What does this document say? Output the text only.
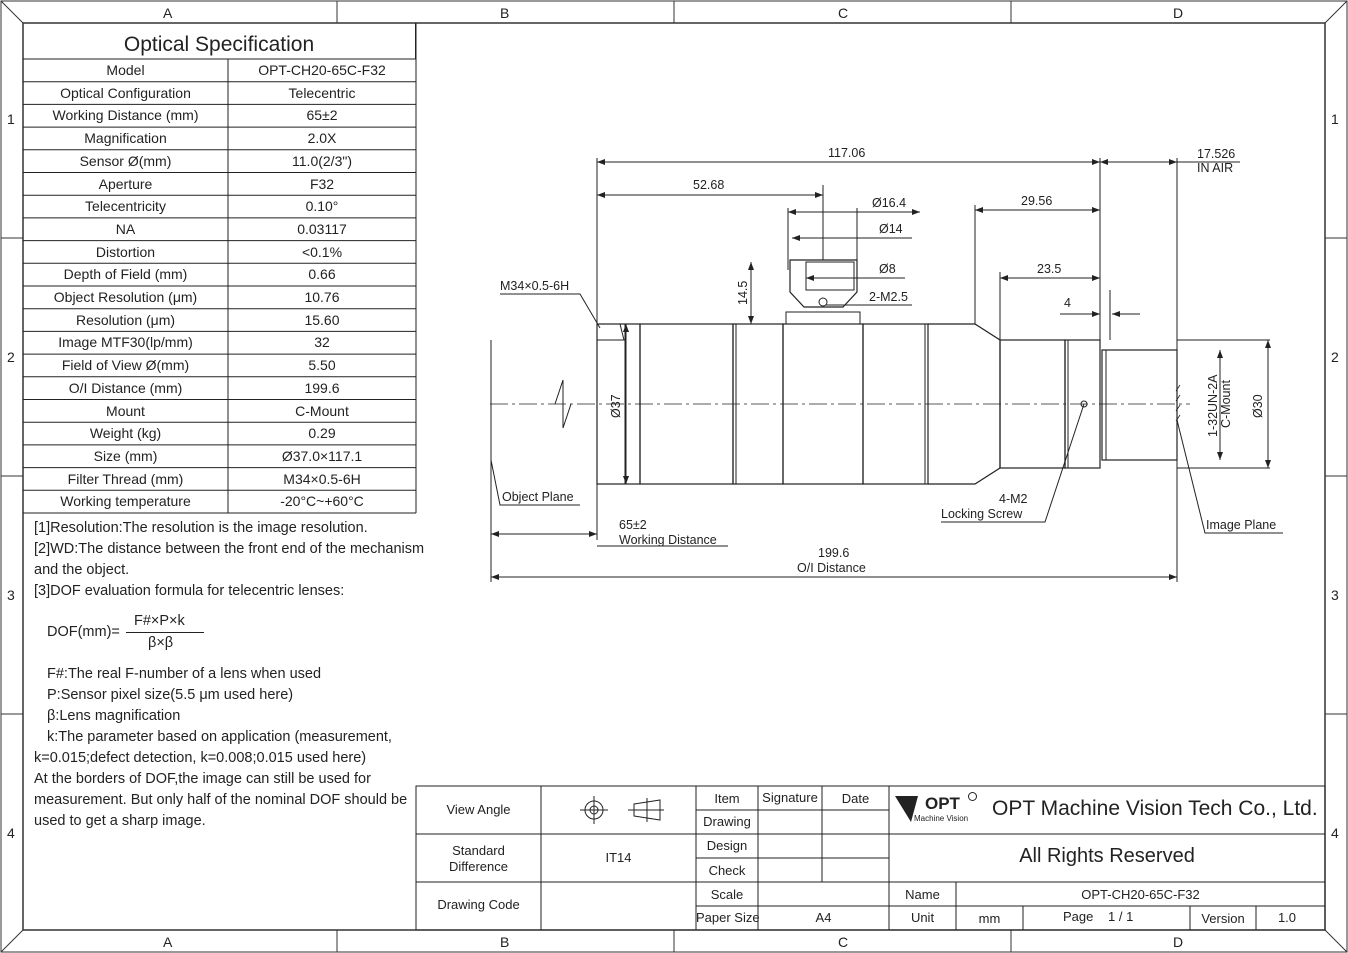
A	B	C	D
A	B	C	D
1
2
3
4
1
2
3
4
Optical Specification
Model	OPT-CH20-65C-F32
Optical Configuration	Telecentric
Working Distance (mm)	65±2
Magnification	2.0X
Sensor Ø(mm)	11.0(2/3")
Aperture	F32
Telecentricity	0.10°
NA	0.03117
Distortion	<0.1%
Depth of Field (mm)	0.66
Object Resolution (μm)	10.76
Resolution (μm)	15.60
Image MTF30(lp/mm)	32
Field of View Ø(mm)	5.50
O/I Distance (mm)	199.6
Mount	C-Mount
Weight (kg)	0.29
Size (mm)	Ø37.0×117.1
Filter Thread (mm)	M34×0.5-6H
Working temperature	-20°C~+60°C
[1]Resolution:The resolution is the image resolution.
[2]WD:The distance between the front end of the mechanism
and the object.
[3]DOF evaluation formula for telecentric lenses:
DOF(mm)=
F#×P×k
β×β
F#:The real F-number of a lens when used
P:Sensor pixel size(5.5 μm used here)
β:Lens magnification
k:The parameter based on application (measurement,
k=0.015;defect detection, k=0.008;0.015 used here)
At the borders of DOF,the image can still be used for
measurement. But only half of the nominal DOF should be
used to get a sharp image.
117.06	17.526
IN AIR
52.68
Ø16.4
Ø14
Ø8
2-M2.5
14.5
29.56
23.5
4
M34×0.5-6H
Ø37	1-32UN-2A C-Mount Ø30
Object Plane
Image Plane
65±2
Working Distance
199.6
O/I Distance
4-M2
Locking Screw
View Angle
Standard
Difference
IT14
Drawing Code
Item	Signature	Date
Drawing
Design
Check
Scale
Paper Size	A4
OPT
Machine Vision OPT Machine Vision Tech Co., Ltd.
All Rights Reserved
Name	OPT-CH20-65C-F32
Unit	mm	Page 1 / 1	Version	1.0
